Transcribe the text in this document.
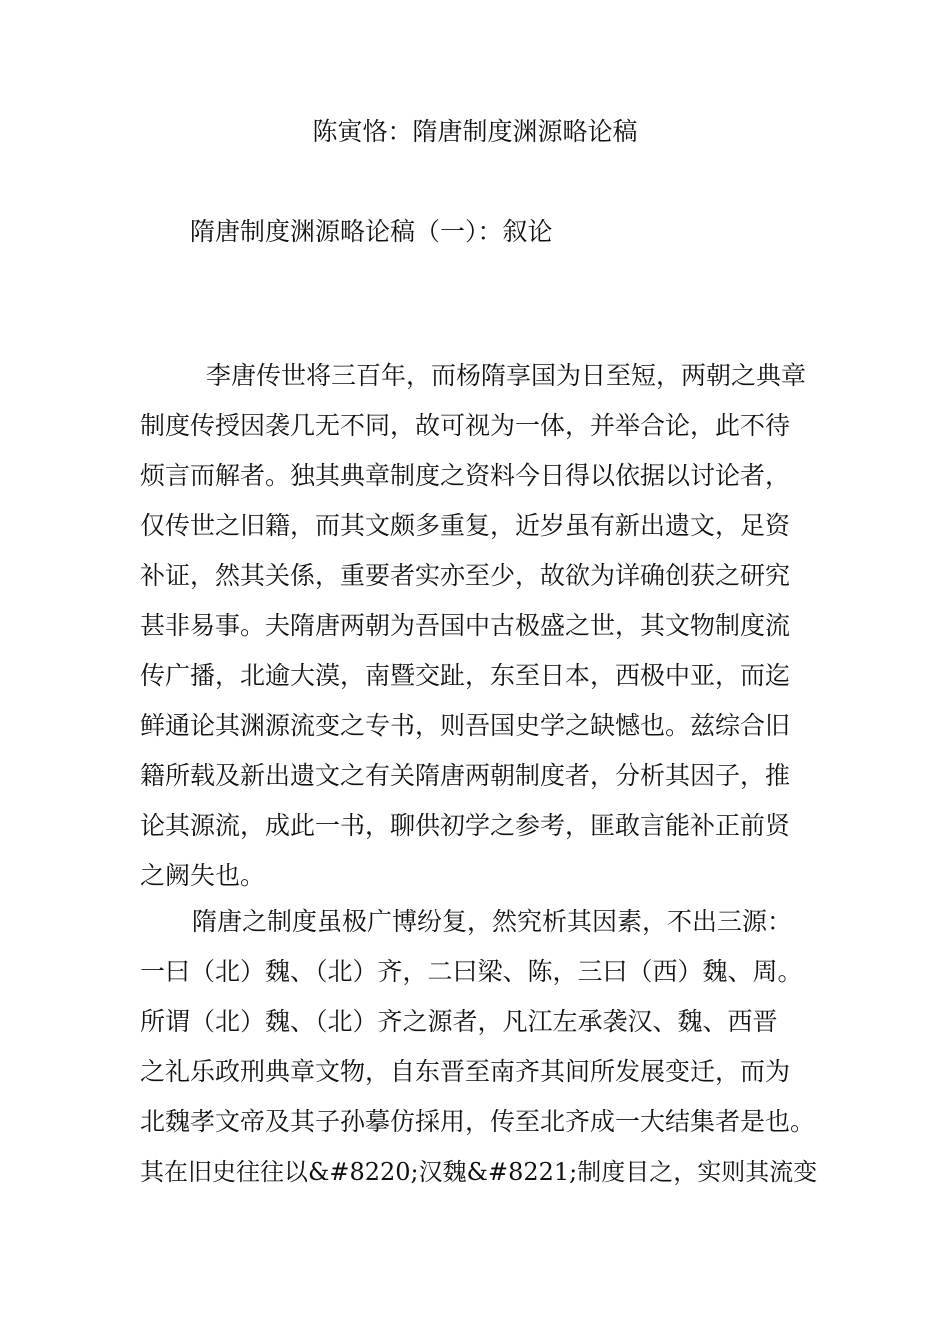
陈寅恪：隋唐制度渊源略论稿
隋唐制度渊源略论稿（一）：叙论
李唐传世将三百年，而杨隋享国为日至短，两朝之典章
制度传授因袭几无不同，故可视为一体，并举合论，此不待
烦言而解者。独其典章制度之资料今日得以依据以讨论者，
仅传世之旧籍，而其文颇多重复，近岁虽有新出遗文，足资
补证，然其关係，重要者实亦至少，故欲为详确创获之研究
甚非易事。夫隋唐两朝为吾国中古极盛之世，其文物制度流
传广播，北逾大漠，南暨交趾，东至日本，西极中亚，而迄
鲜通论其渊源流变之专书，则吾国史学之缺憾也。兹综合旧
籍所载及新出遗文之有关隋唐两朝制度者，分析其因子，推
论其源流，成此一书，聊供初学之参考，匪敢言能补正前贤
之阙失也。
隋唐之制度虽极广博纷复，然究析其因素，不出三源：
一曰（北）魏、（北）齐，二曰梁、陈，三曰（西）魏、周。
所谓（北）魏、（北）齐之源者，凡江左承袭汉、魏、西晋
之礼乐政刑典章文物，自东晋至南齐其间所发展变迁，而为
北魏孝文帝及其子孙摹仿採用，传至北齐成一大结集者是也。
其在旧史往往以&#8220;汉魏&#8221;制度目之，实则其流变
